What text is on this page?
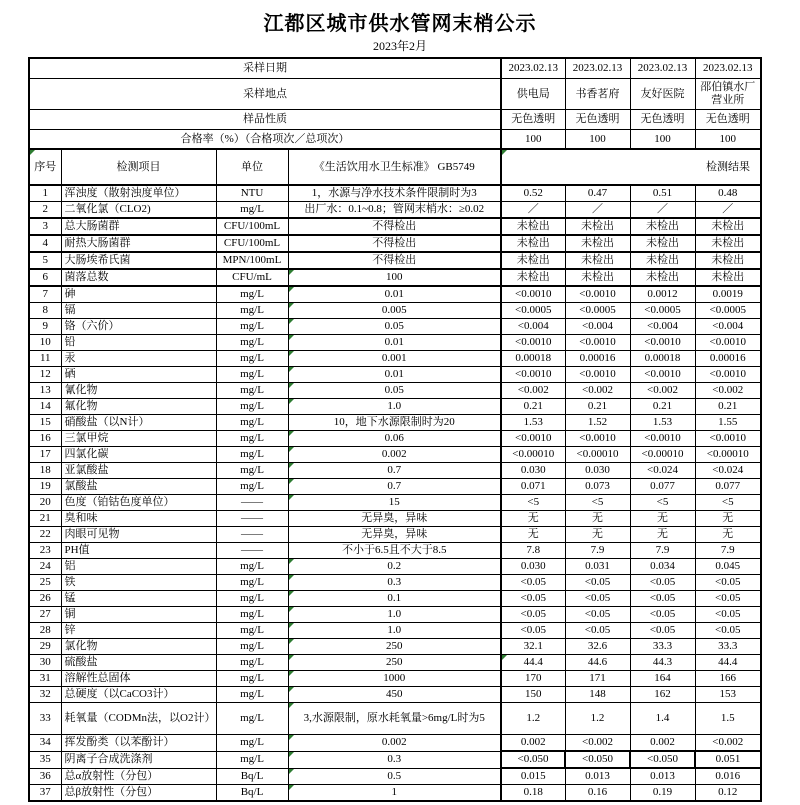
江都区城市供水管网末梢公示
2023年2月
采样日期				2023.02.13	2023.02.13	2023.02.13	2023.02.13
采样地点				供电局	书香茗府	友好医院	邵伯镇水厂营业所
样品性质				无色透明	无色透明	无色透明	无色透明
合格率（%）（合格项次／总项次）				100	100	100	100

序号	检测项目	单位	《生活饮用水卫生标准》 GB5749	检测结果			
1	浑浊度（散射浊度单位）	NTU	1，水源与净水技术条件限制时为3	0.52	0.47	0.51	0.48
2	二氧化氯（CLO2)	mg/L	出厂水：0.1~0.8；管网末梢水：≥0.02	／	／	／	／
3	总大肠菌群	CFU/100mL	不得检出	未检出	未检出	未检出	未检出
4	耐热大肠菌群	CFU/100mL	不得检出	未检出	未检出	未检出	未检出
5	大肠埃希氏菌	MPN/100mL	不得检出	未检出	未检出	未检出	未检出
6	菌落总数	CFU/mL	100	未检出	未检出	未检出	未检出
7	砷	mg/L	0.01	<0.0010	<0.0010	0.0012	0.0019
8	镉	mg/L	0.005	<0.0005	<0.0005	<0.0005	<0.0005
9	铬（六价）	mg/L	0.05	<0.004	<0.004	<0.004	<0.004
10	铅	mg/L	0.01	<0.0010	<0.0010	<0.0010	<0.0010
11	汞	mg/L	0.001	0.00018	0.00016	0.00018	0.00016
12	硒	mg/L	0.01	<0.0010	<0.0010	<0.0010	<0.0010
13	氰化物	mg/L	0.05	<0.002	<0.002	<0.002	<0.002
14	氟化物	mg/L	1.0	0.21	0.21	0.21	0.21
15	硝酸盐（以N计）	mg/L	10，地下水源限制时为20	1.53	1.52	1.53	1.55
16	三氯甲烷	mg/L	0.06	<0.0010	<0.0010	<0.0010	<0.0010
17	四氯化碳	mg/L	0.002	<0.00010	<0.00010	<0.00010	<0.00010
18	亚氯酸盐	mg/L	0.7	0.030	0.030	<0.024	<0.024
19	氯酸盐	mg/L	0.7	0.071	0.073	0.077	0.077
20	色度（铂钴色度单位）	——	15	<5	<5	<5	<5
21	臭和味	——	无异臭，异味	无	无	无	无
22	肉眼可见物	——	无异臭，异味	无	无	无	无
23	PH值	——	不小于6.5且不大于8.5	7.8	7.9	7.9	7.9
24	铝	mg/L	0.2	0.030	0.031	0.034	0.045
25	铁	mg/L	0.3	<0.05	<0.05	<0.05	<0.05
26	锰	mg/L	0.1	<0.05	<0.05	<0.05	<0.05
27	铜	mg/L	1.0	<0.05	<0.05	<0.05	<0.05
28	锌	mg/L	1.0	<0.05	<0.05	<0.05	<0.05
29	氯化物	mg/L	250	32.1	32.6	33.3	33.3
30	硫酸盐	mg/L	250	44.4	44.6	44.3	44.4
31	溶解性总固体	mg/L	1000	170	171	164	166
32	总硬度（以CaCO3计）	mg/L	450	150	148	162	153
33	耗氧量（CODMn法，以O2计）	mg/L	3,水源限制，原水耗氧量>6mg/L时为5	1.2	1.2	1.4	1.5
34	挥发酚类（以苯酚计）	mg/L	0.002	0.002	<0.002	0.002	<0.002
35	阴离子合成洗涤剂	mg/L	0.3	<0.050	<0.050	<0.050	0.051
36	总α放射性（分包）	Bq/L	0.5	0.015	0.013	0.013	0.016
37	总β放射性（分包）	Bq/L	1	0.18	0.16	0.19	0.12
